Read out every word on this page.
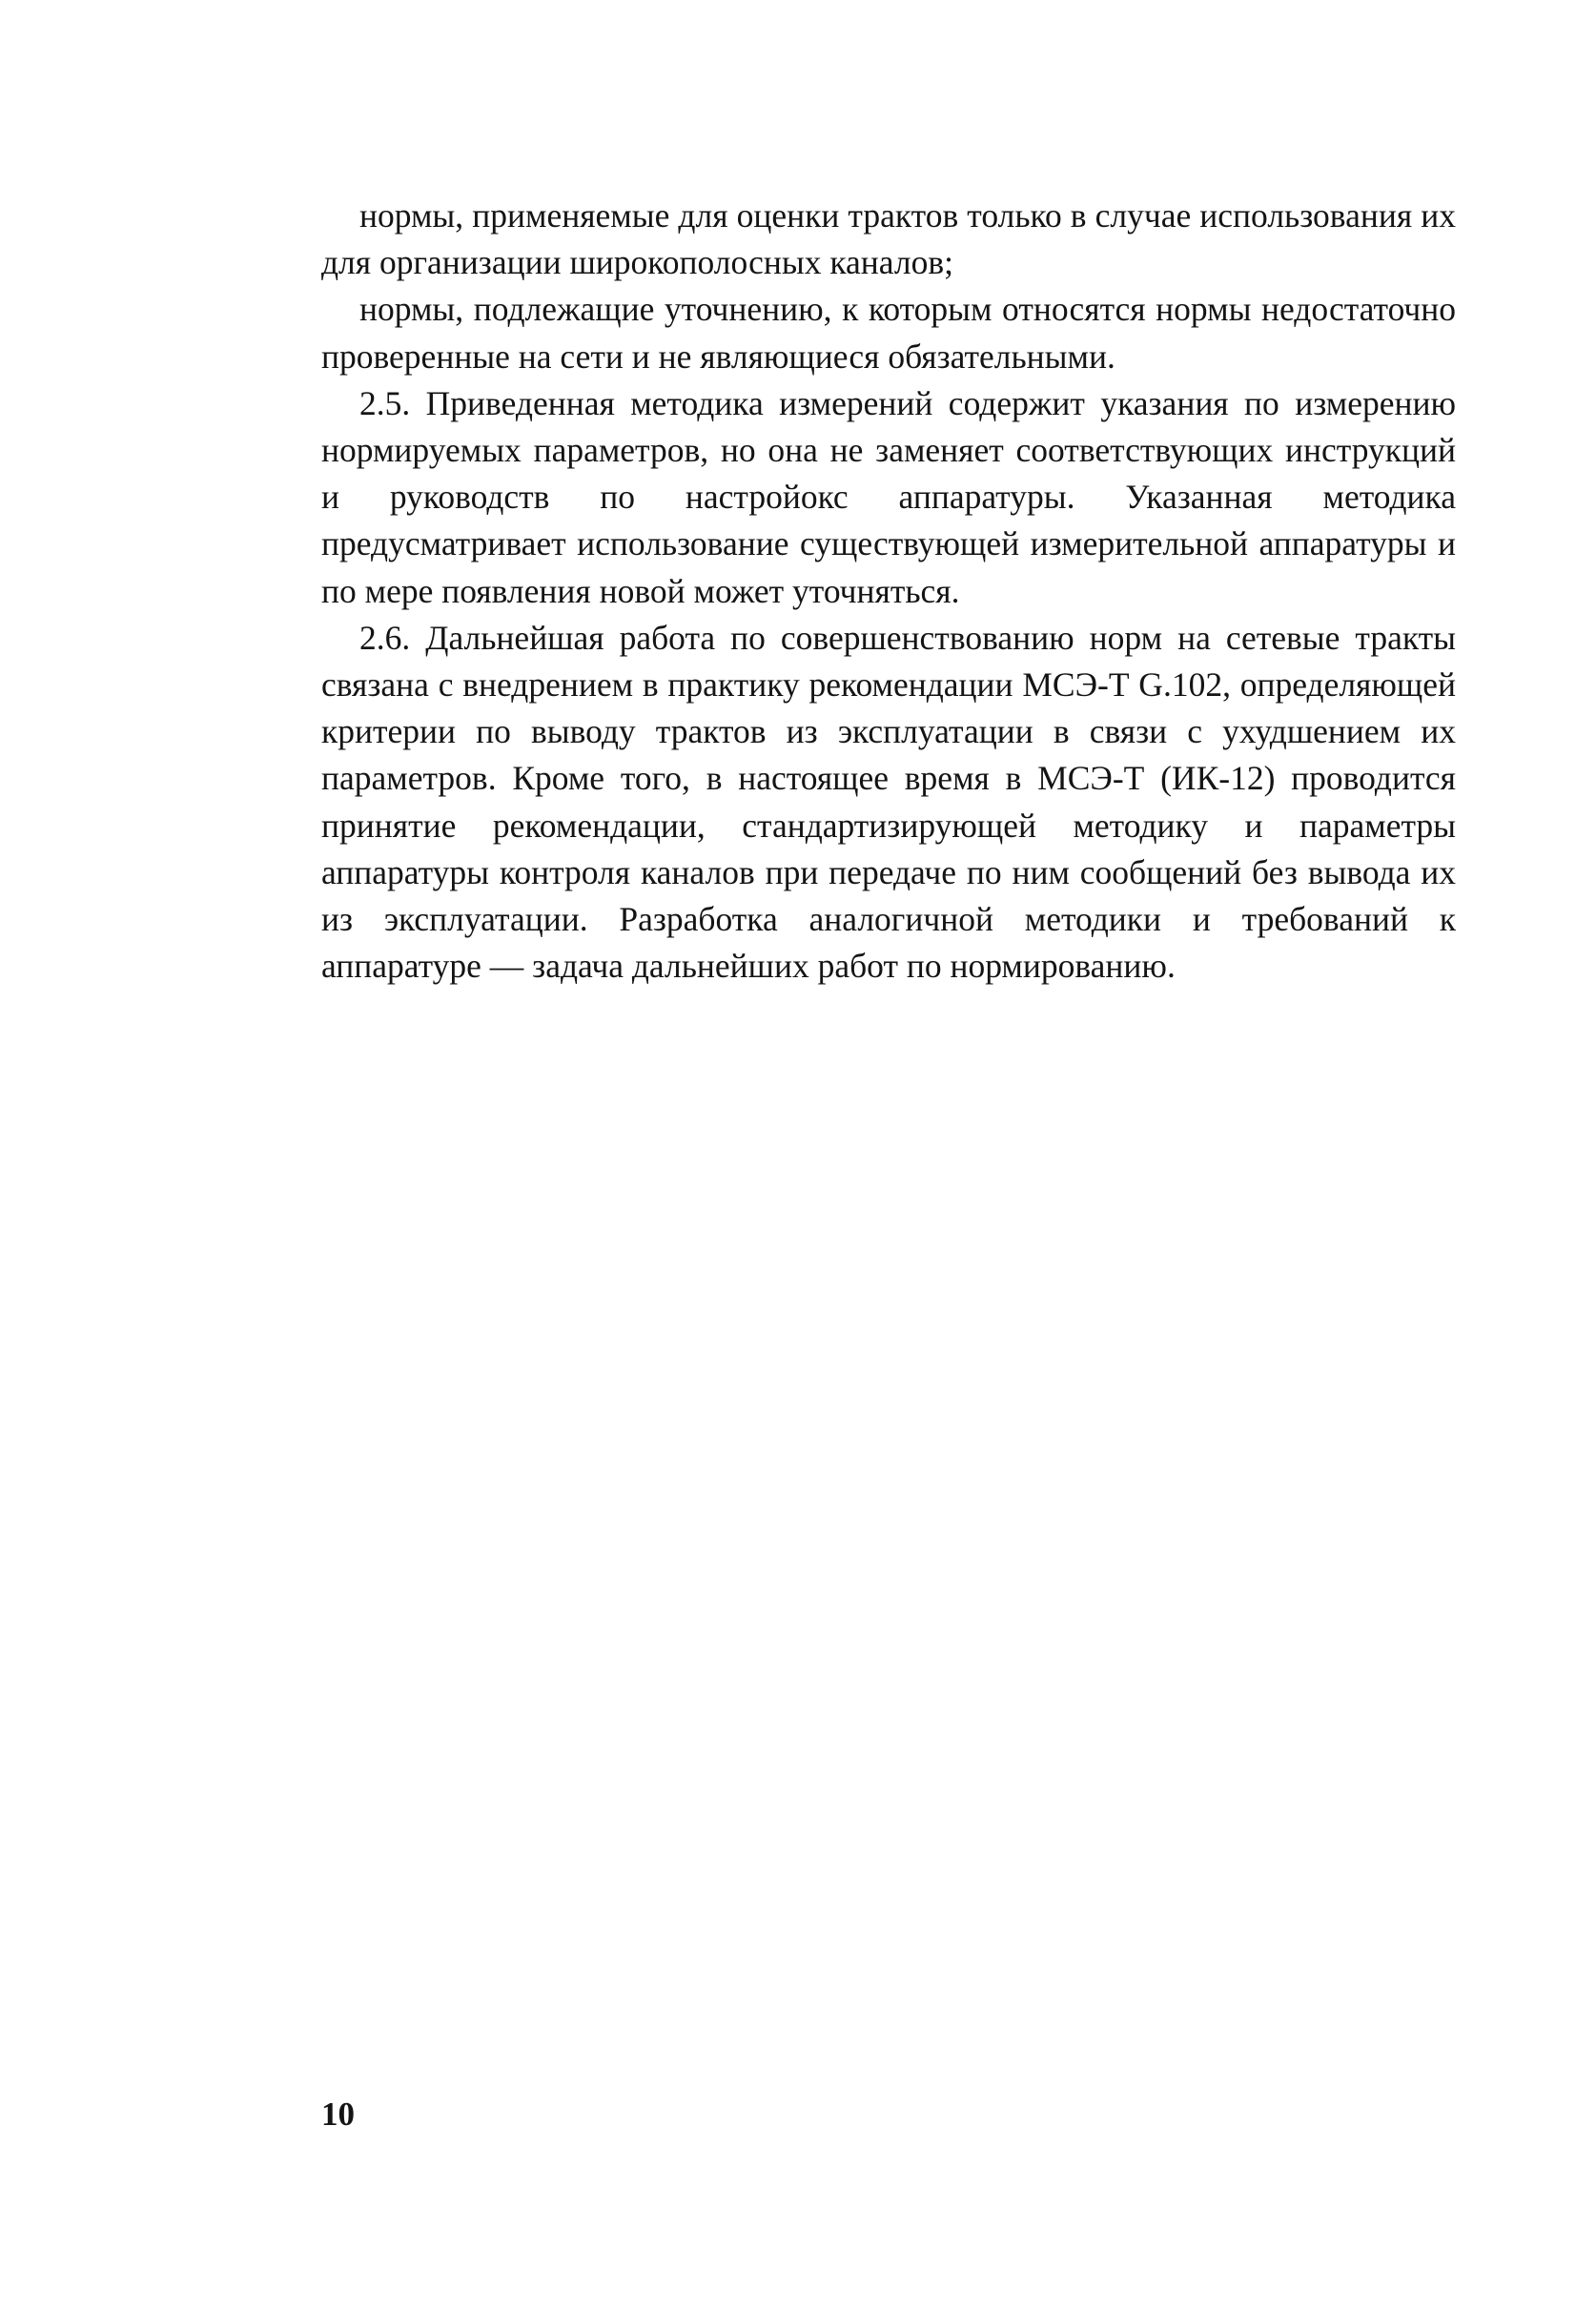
нормы, применяемые для оценки трактов только в случае использования их для организации широкополосных каналов;

нормы, подлежащие уточнению, к которым относятся нормы недостаточно проверенные на сети и не являющиеся обязательными.

2.5. Приведенная методика измерений содержит указания по измерению нормируемых параметров, но она не заменяет соответствующих инструкций и руководств по настройокс аппаратуры. Указанная методика предусматривает использование существующей измерительной аппаратуры и по мере появления новой может уточняться.

2.6. Дальнейшая работа по совершенствованию норм на сетевые тракты связана с внедрением в практику рекомендации МСЭ-Т G.102, определяющей критерии по выводу трактов из эксплуатации в связи с ухудшением их параметров. Кроме того, в настоящее время в МСЭ-Т (ИК-12) проводится принятие рекомендации, стандартизирующей методику и параметры аппаратуры контроля каналов при передаче по ним сообщений без вывода их из эксплуатации. Разработка аналогичной методики и требований к аппаратуре — задача дальнейших работ по нормированию.

10
